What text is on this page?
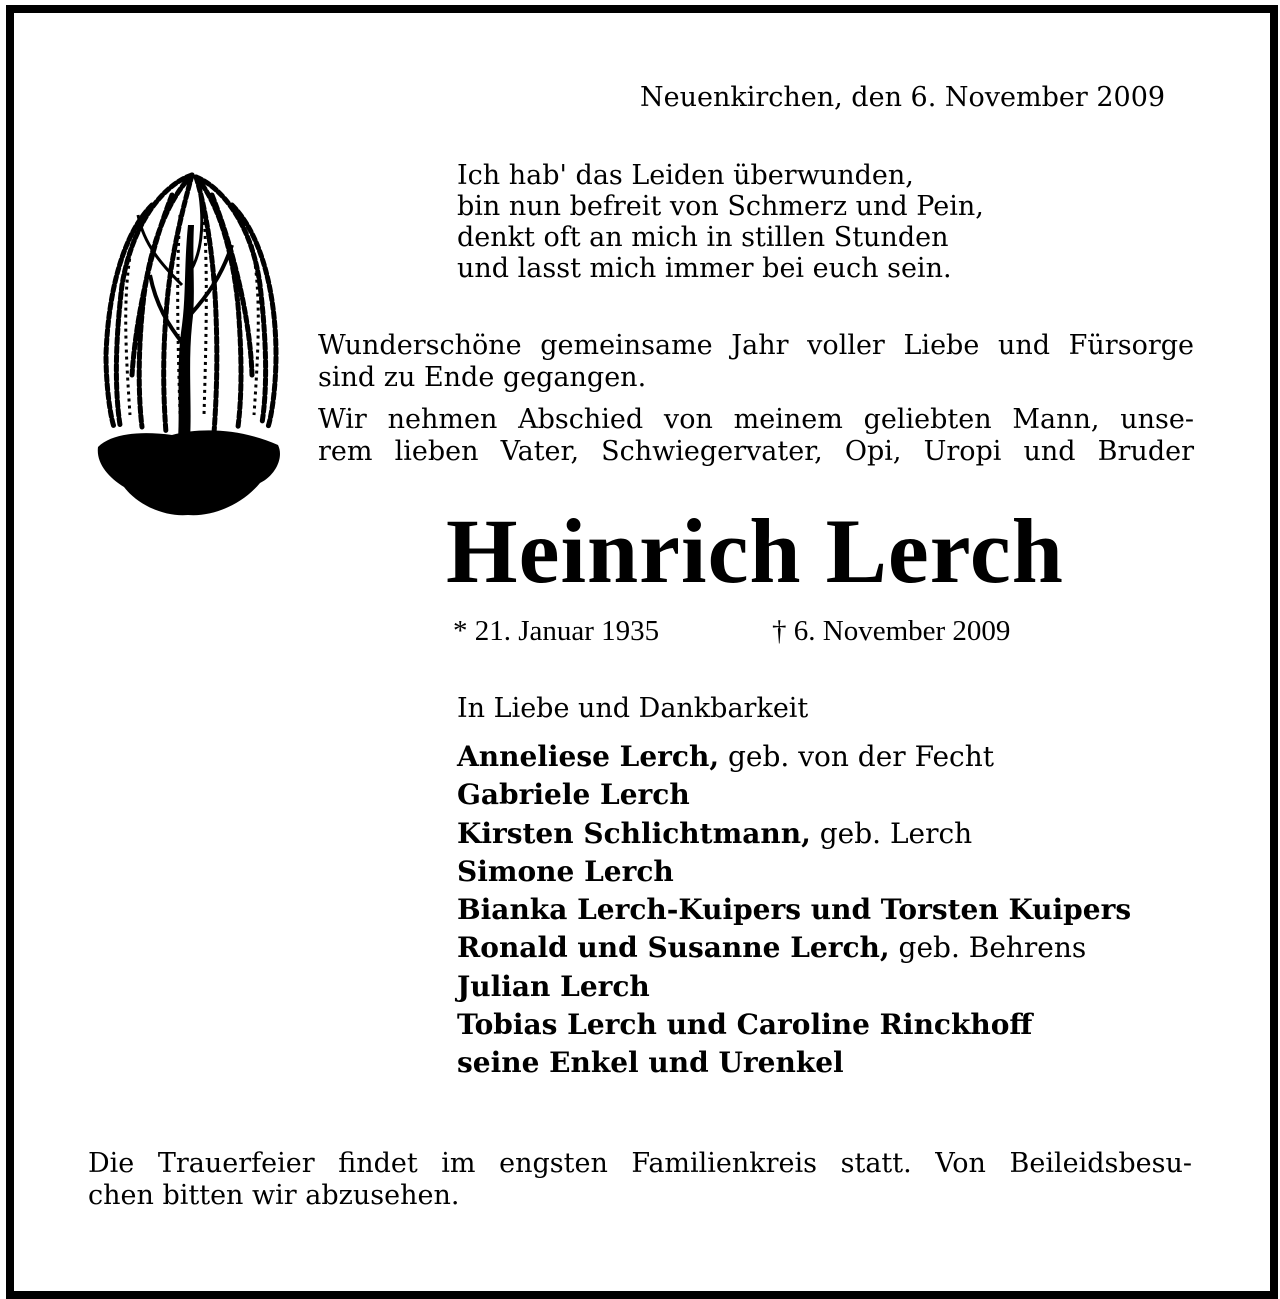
Neuenkirchen, den 6. November 2009

Ich hab' das Leiden überwunden,
bin nun befreit von Schmerz und Pein,
denkt oft an mich in stillen Stunden
und lasst mich immer bei euch sein.
Wunderschöne gemeinsame Jahr voller Liebe und Fürsorge
sind zu Ende gegangen.
Wir nehmen Abschied von meinem geliebten Mann, unse-
rem lieben Vater, Schwiegervater, Opi, Uropi und Bruder
Heinrich Lerch

* 21. Januar 1935	† 6. November 2009

In Liebe und Dankbarkeit

Anneliese Lerch, geb. von der Fecht
Gabriele Lerch
Kirsten Schlichtmann, geb. Lerch
Simone Lerch
Bianka Lerch-Kuipers und Torsten Kuipers
Ronald und Susanne Lerch, geb. Behrens
Julian Lerch
Tobias Lerch und Caroline Rinckhoff
seine Enkel und Urenkel
Die Trauerfeier findet im engsten Familienkreis statt. Von Beileidsbesu-
chen bitten wir abzusehen.
